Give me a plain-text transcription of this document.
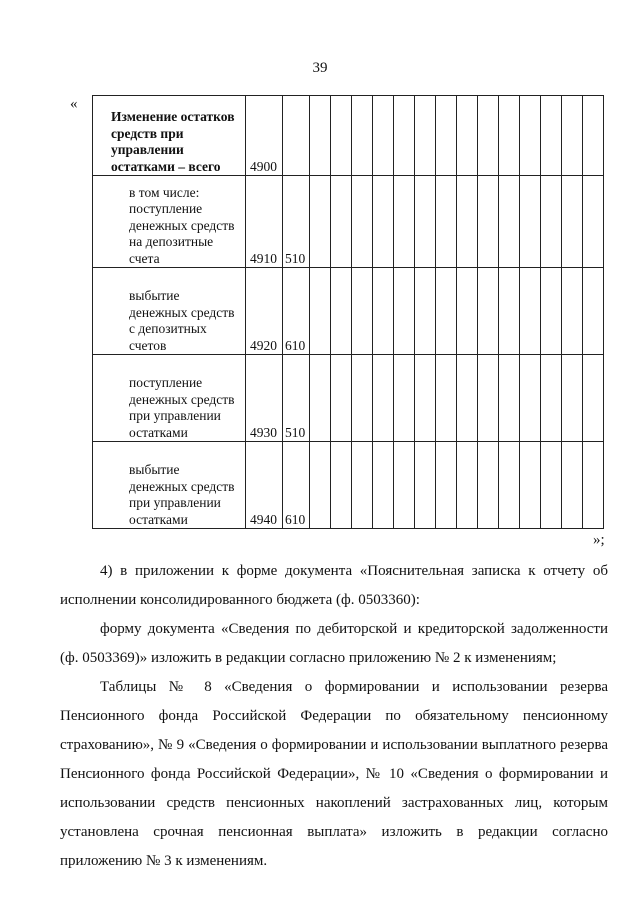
39
«
Изменение остатков средств при управлении остатками – всего	4900															
в том числе: поступление денежных средств на депозитные счета	4910	510														
выбытие денежных средств с депозитных счетов	4920	610														
поступление денежных средств при управлении остатками	4930	510														
выбытие денежных средств при управлении остатками	4940	610														
»;

4) в приложении к форме документа «Пояснительная записка к отчету об исполнении консолидированного бюджета (ф. 0503360):

форму документа «Сведения по дебиторской и кредиторской задолженности (ф. 0503369)» изложить в редакции согласно приложению № 2 к изменениям;

Таблицы № 8 «Сведения о формировании и использовании резерва Пенсионного фонда Российской Федерации по обязательному пенсионному страхованию», № 9 «Сведения о формировании и использовании выплатного резерва Пенсионного фонда Российской Федерации», № 10 «Сведения о формировании и использовании средств пенсионных накоплений застрахованных лиц, которым установлена срочная пенсионная выплата» изложить в редакции согласно приложению № 3 к изменениям.
